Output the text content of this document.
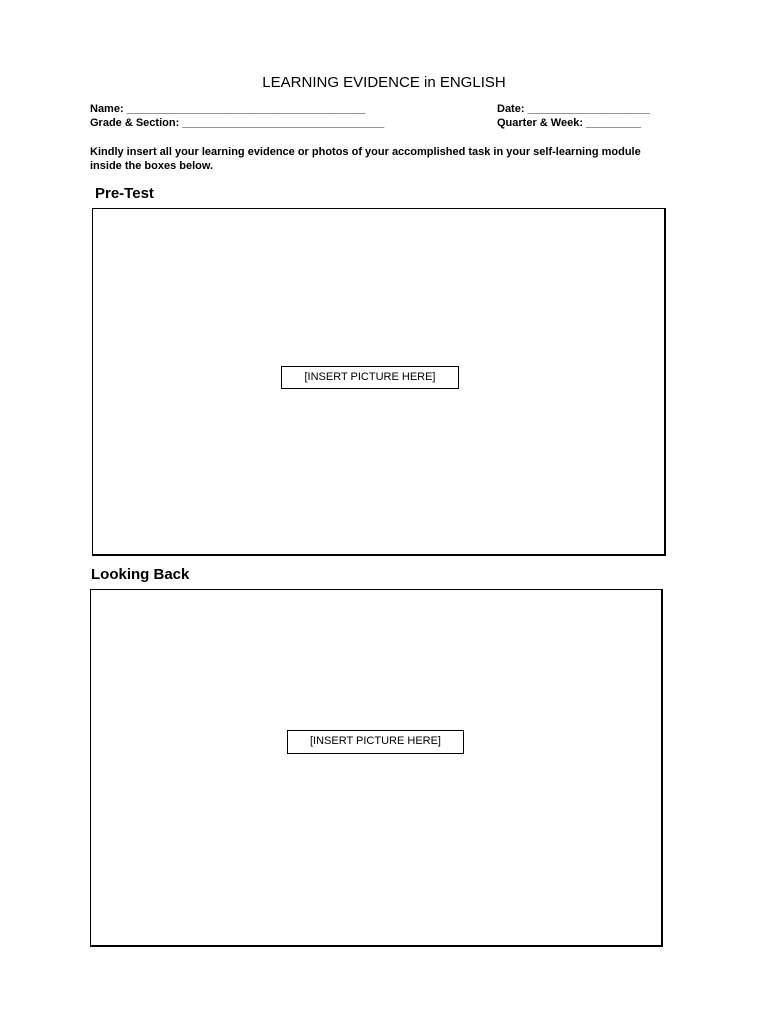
LEARNING EVIDENCE in ENGLISH
Name: _______________________________________
Grade & Section: _________________________________
Date: ____________________
Quarter & Week: _________
Kindly insert all your learning evidence or photos of your accomplished task in your self-learning module inside the boxes below.
Pre-Test
[INSERT PICTURE HERE]
Looking Back
[INSERT PICTURE HERE]
